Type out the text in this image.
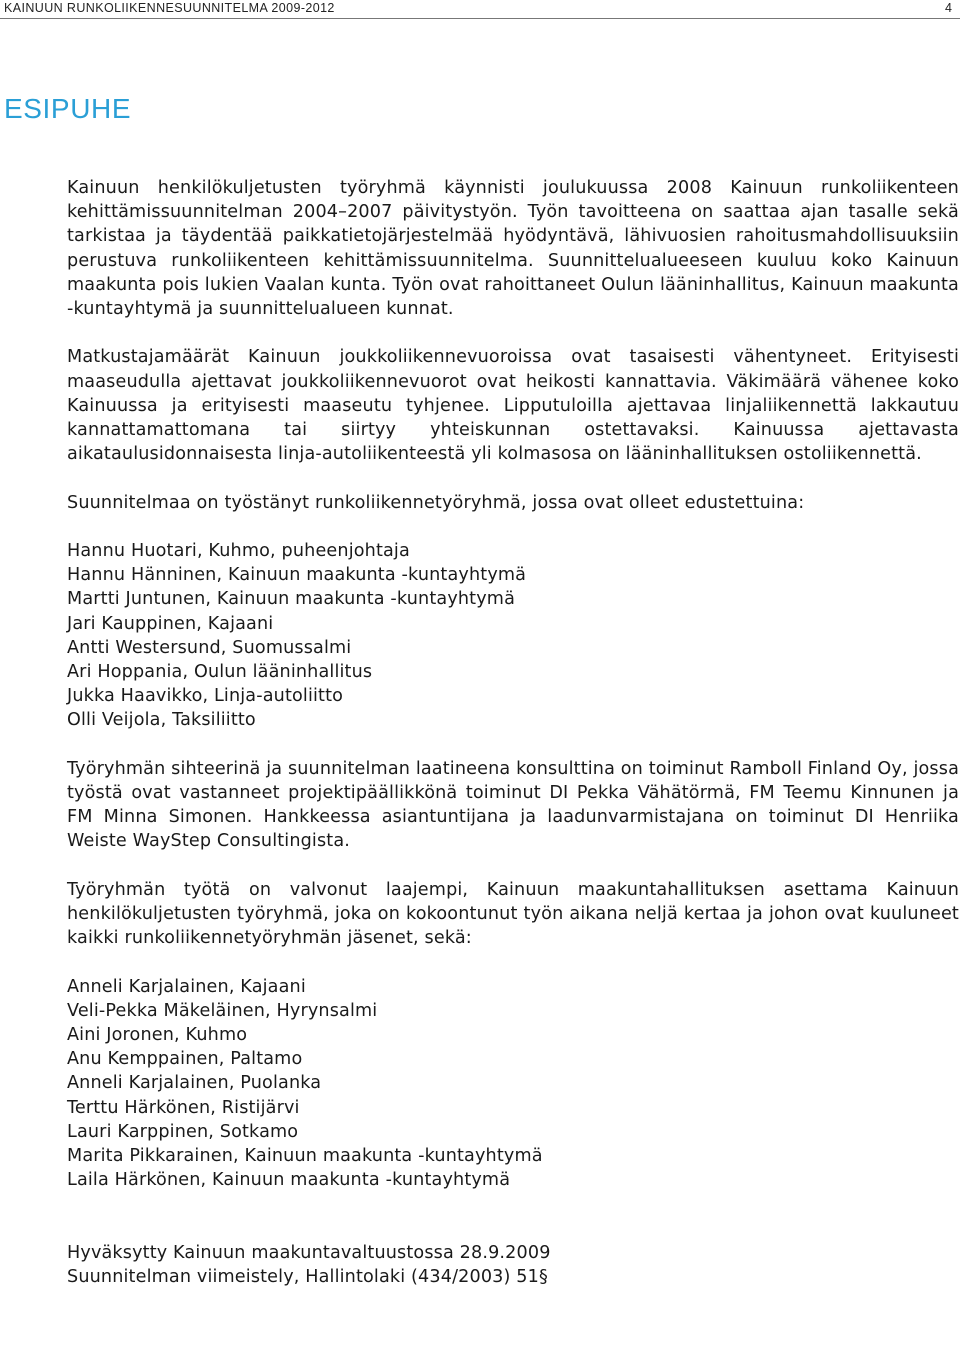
KAINUUN RUNKOLIIKENNESUUNNITELMA 2009-2012	4
ESIPUHE

Kainuun henkilökuljetusten työryhmä käynnisti joulukuussa 2008 Kainuun runkoliikenteen kehittämissuunnitelman 2004–2007 päivitystyön. Työn tavoitteena on saattaa ajan tasalle sekä tarkistaa ja täydentää paikkatietojärjestelmää hyödyntävä, lähivuosien rahoitusmahdollisuuksiin perustuva runkoliikenteen kehittämissuunnitelma. Suunnittelualueeseen kuuluu koko Kainuun maakunta pois lukien Vaalan kunta. Työn ovat rahoittaneet Oulun lääninhallitus, Kainuun maakunta -kuntayhtymä ja suunnittelualueen kunnat.

Matkustajamäärät Kainuun joukkoliikennevuoroissa ovat tasaisesti vähentyneet. Erityisesti maaseudulla ajettavat joukkoliikennevuorot ovat heikosti kannattavia. Väkimäärä vähenee koko Kainuussa ja erityisesti maaseutu tyhjenee. Lipputuloilla ajettavaa linjaliikennettä lakkautuu kannattamattomana tai siirtyy yhteiskunnan ostettavaksi. Kainuussa ajettavasta aikataulusidonnaisesta linja-autoliikenteestä yli kolmasosa on lääninhallituksen ostoliikennettä.

Suunnitelmaa on työstänyt runkoliikennetyöryhmä, jossa ovat olleet edustettuina:

Hannu Huotari, Kuhmo, puheenjohtaja
Hannu Hänninen, Kainuun maakunta -kuntayhtymä
Martti Juntunen, Kainuun maakunta -kuntayhtymä
Jari Kauppinen, Kajaani
Antti Westersund, Suomussalmi
Ari Hoppania, Oulun lääninhallitus
Jukka Haavikko, Linja-autoliitto
Olli Veijola, Taksiliitto

Työryhmän sihteerinä ja suunnitelman laatineena konsulttina on toiminut Ramboll Finland Oy, jossa työstä ovat vastanneet projektipäällikkönä toiminut DI Pekka Vähätörmä, FM Teemu Kinnunen ja FM Minna Simonen. Hankkeessa asiantuntijana ja laadunvarmistajana on toiminut DI Henriika Weiste WayStep Consultingista.

Työryhmän työtä on valvonut laajempi, Kainuun maakuntahallituksen asettama Kainuun henkilökuljetusten työryhmä, joka on kokoontunut työn aikana neljä kertaa ja johon ovat kuuluneet kaikki runkoliikennetyöryhmän jäsenet, sekä:

Anneli Karjalainen, Kajaani
Veli-Pekka Mäkeläinen, Hyrynsalmi
Aini Joronen, Kuhmo
Anu Kemppainen, Paltamo
Anneli Karjalainen, Puolanka
Terttu Härkönen, Ristijärvi
Lauri Karppinen, Sotkamo
Marita Pikkarainen, Kainuun maakunta -kuntayhtymä
Laila Härkönen, Kainuun maakunta -kuntayhtymä
Hyväksytty Kainuun maakuntavaltuustossa 28.9.2009
Suunnitelman viimeistely, Hallintolaki (434/2003) 51§
